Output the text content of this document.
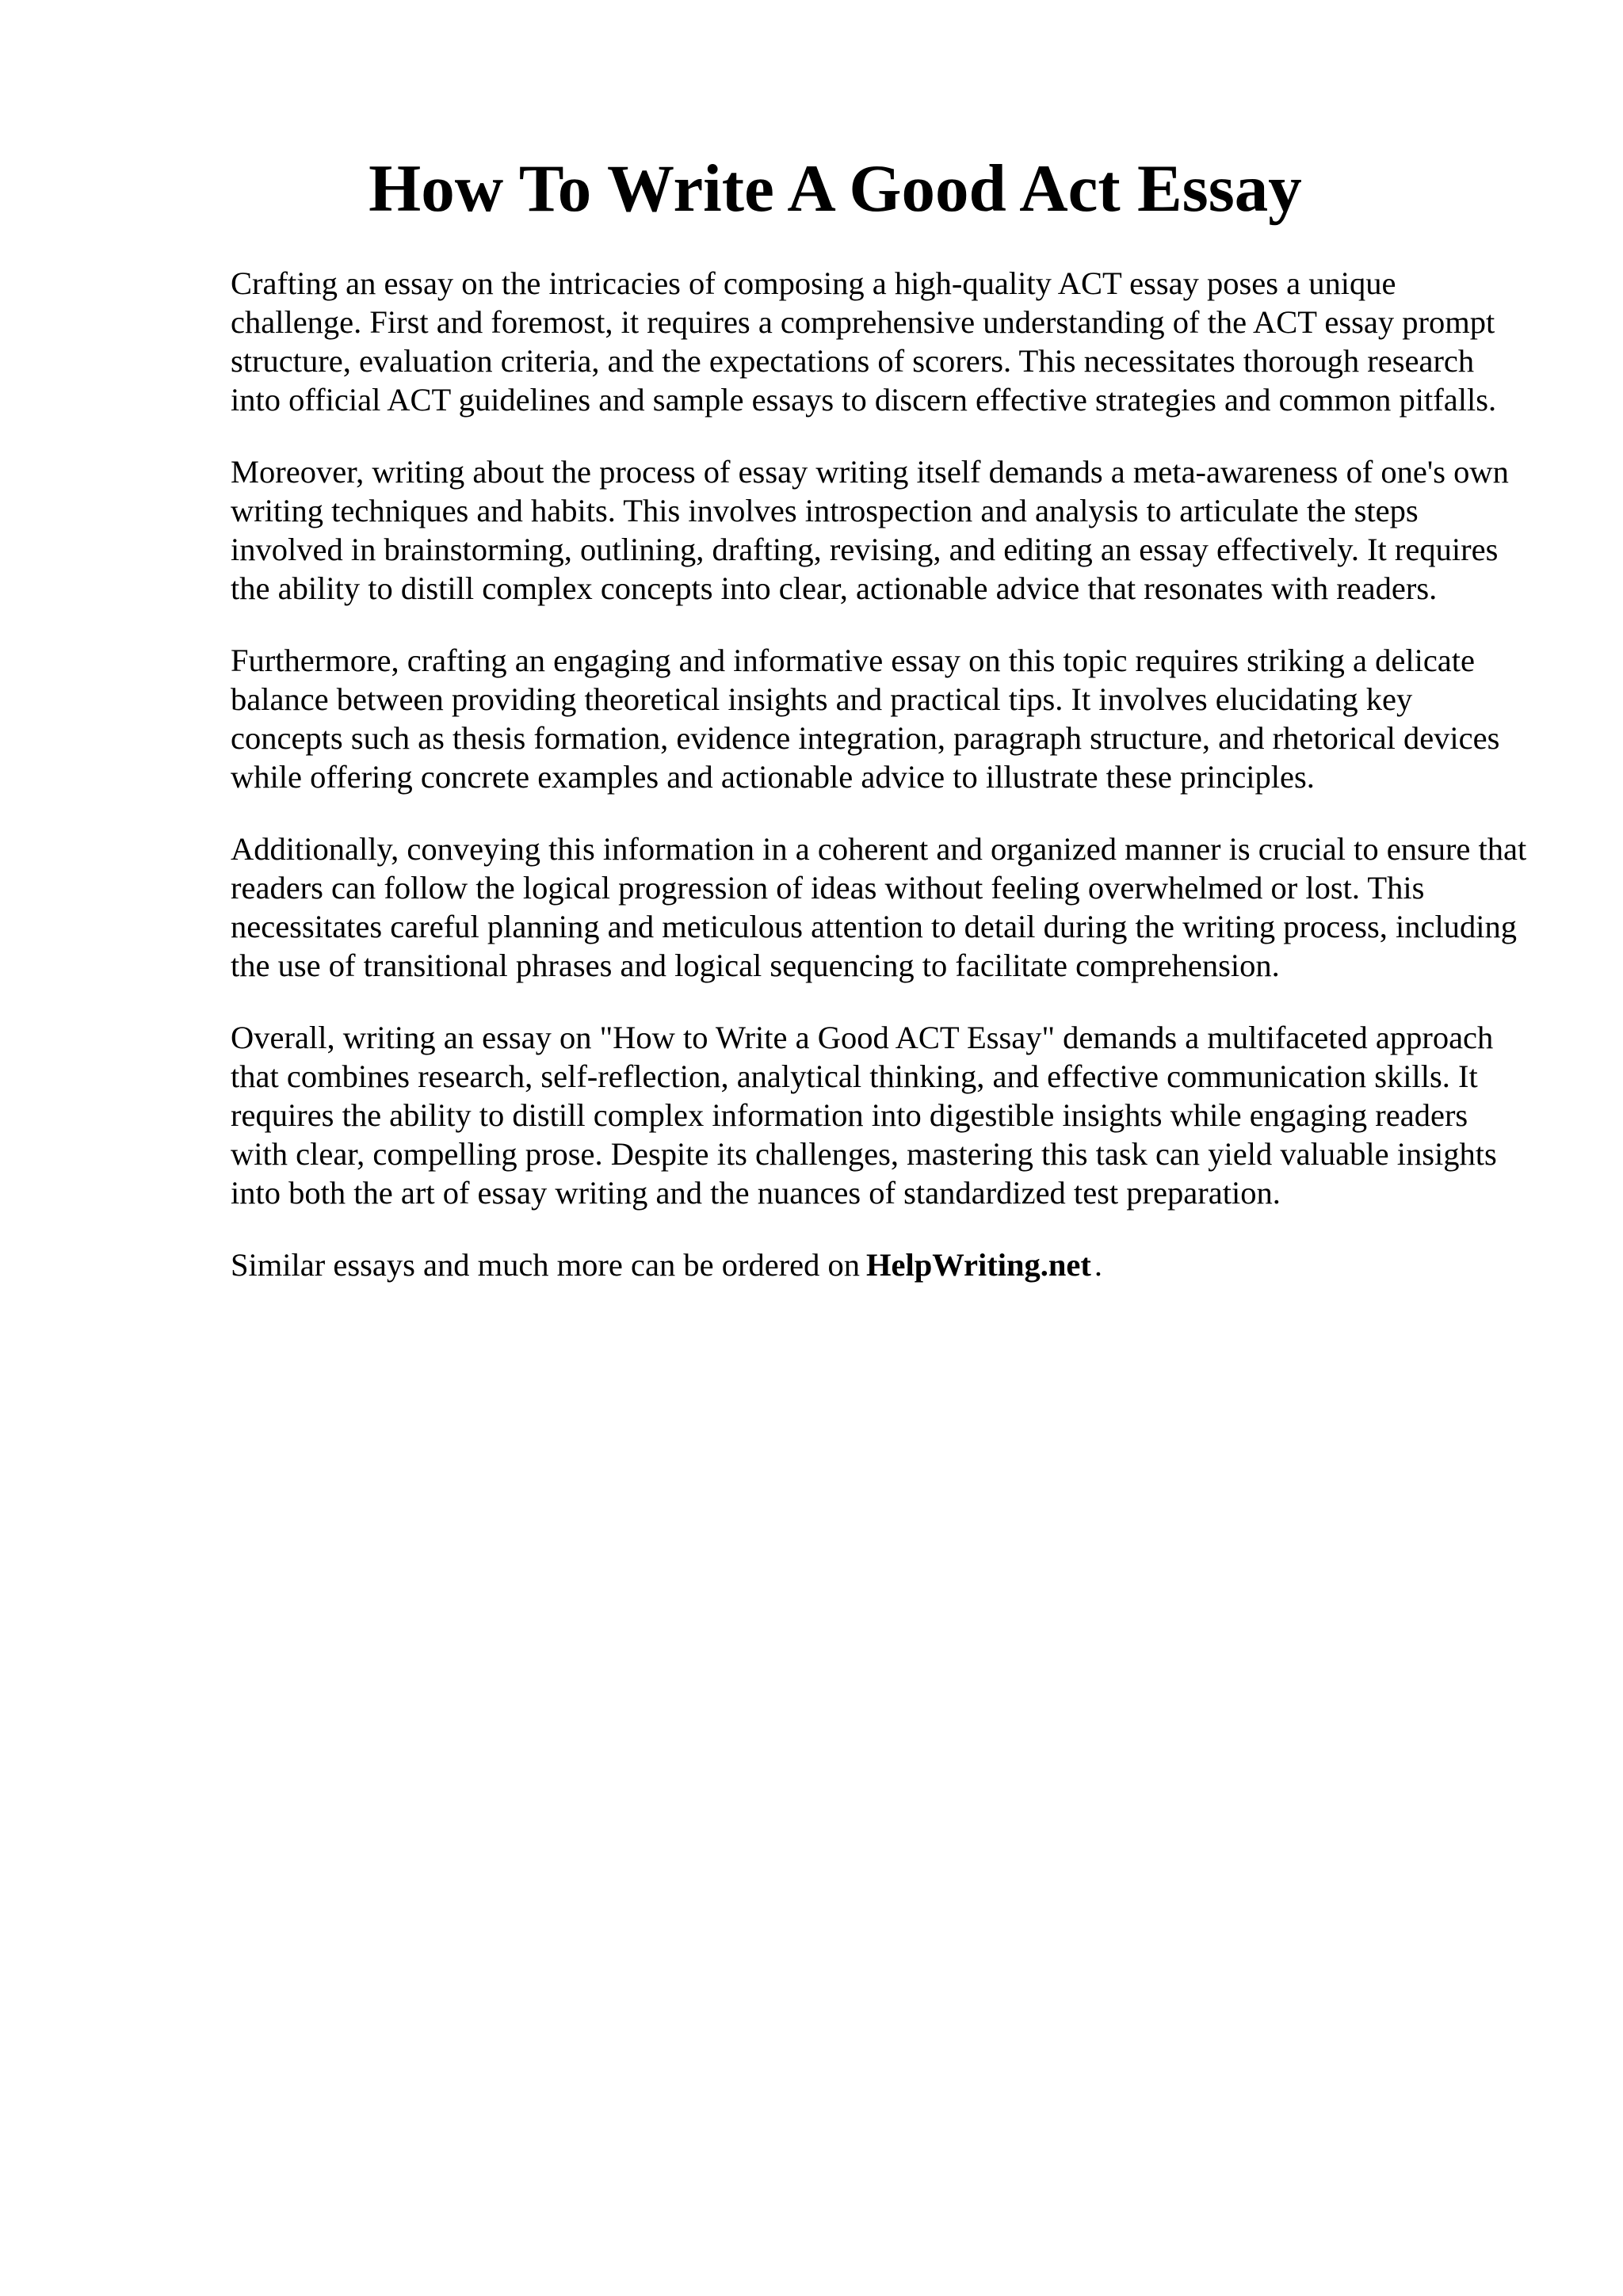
How To Write A Good Act Essay

Crafting an essay on the intricacies of composing a high-quality ACT essay poses a unique challenge. First and foremost, it requires a comprehensive understanding of the ACT essay prompt structure, evaluation criteria, and the expectations of scorers. This necessitates thorough research into official ACT guidelines and sample essays to discern effective strategies and common pitfalls.

Moreover, writing about the process of essay writing itself demands a meta-awareness of one's own writing techniques and habits. This involves introspection and analysis to articulate the steps involved in brainstorming, outlining, drafting, revising, and editing an essay effectively. It requires the ability to distill complex concepts into clear, actionable advice that resonates with readers.

Furthermore, crafting an engaging and informative essay on this topic requires striking a delicate balance between providing theoretical insights and practical tips. It involves elucidating key concepts such as thesis formation, evidence integration, paragraph structure, and rhetorical devices while offering concrete examples and actionable advice to illustrate these principles.

Additionally, conveying this information in a coherent and organized manner is crucial to ensure that readers can follow the logical progression of ideas without feeling overwhelmed or lost. This necessitates careful planning and meticulous attention to detail during the writing process, including the use of transitional phrases and logical sequencing to facilitate comprehension.

Overall, writing an essay on "How to Write a Good ACT Essay" demands a multifaceted approach that combines research, self-reflection, analytical thinking, and effective communication skills. It requires the ability to distill complex information into digestible insights while engaging readers with clear, compelling prose. Despite its challenges, mastering this task can yield valuable insights into both the art of essay writing and the nuances of standardized test preparation.

Similar essays and much more can be ordered on HelpWriting.net.
